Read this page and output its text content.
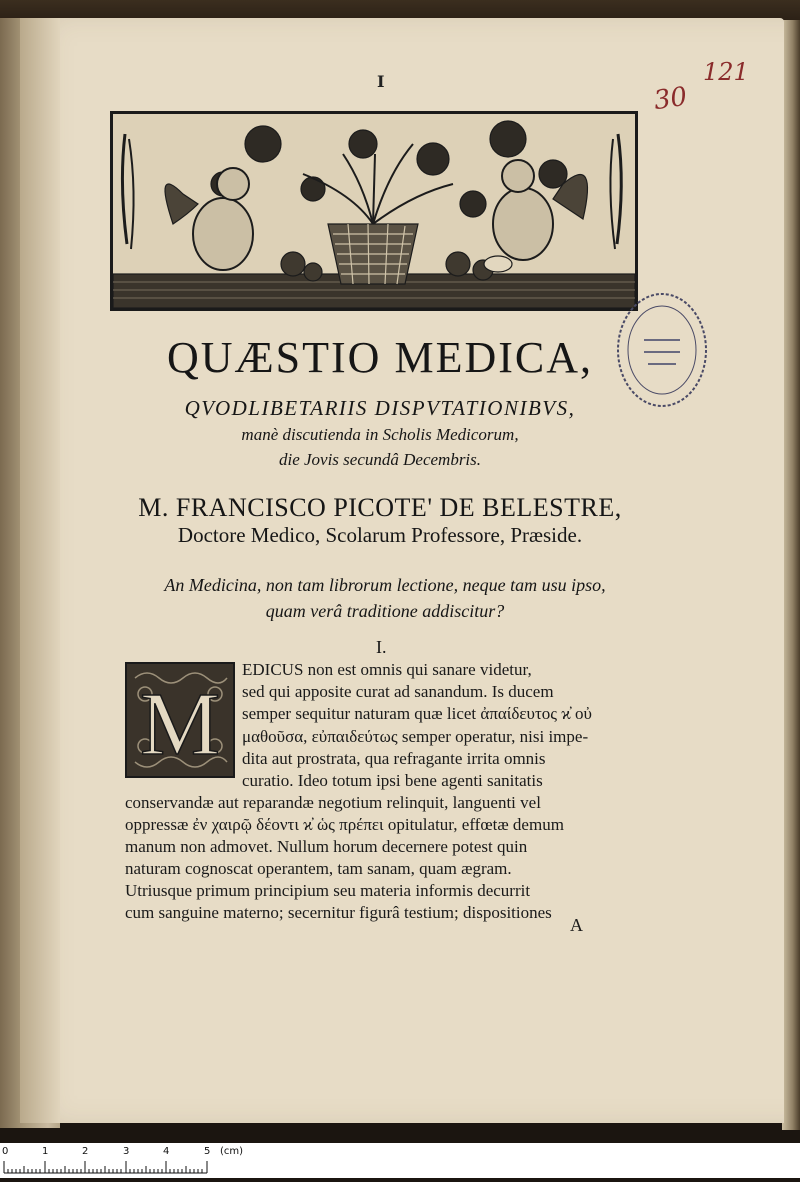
I	121
30
QUÆSTIO MEDICA,
QVODLIBETARIIS DISPVTATIONIBVS,
manè discutienda in Scholis Medicorum,
die Jovis secundâ Decembris.
M. FRANCISCO PICOTE' DE BELESTRE,
Doctore Medico, Scolarum Professore, Præside.
An Medicina, non tam librorum lectione, neque tam usu ipso,
quam verâ traditione addiscitur?
I.
M
EDICUS non est omnis qui sanare videtur,
sed qui apposite curat ad sanandum. Is ducem
semper sequitur naturam quæ licet ἀπαίδευτος ϰ̓ οὐ
μαθοῦσα, εὐπαιδεύτως semper operatur, nisi impe-
dita aut prostrata, qua refragante irrita omnis
curatio. Ideo totum ipsi bene agenti sanitatis
conservandæ aut reparandæ negotium relinquit, languenti vel
oppressæ ἐν χαιρῷ δέοντι ϰ̓ ὡς πρέπει opitulatur, effœtæ demum
manum non admovet. Nullum horum decernere potest quin
naturam cognoscat operantem, tam sanam, quam ægram.
Utriusque primum principium seu materia informis decurrit
cum sanguine materno; secernitur figurâ testium; dispositiones
A
0	1	2	3	4	5 (cm)
